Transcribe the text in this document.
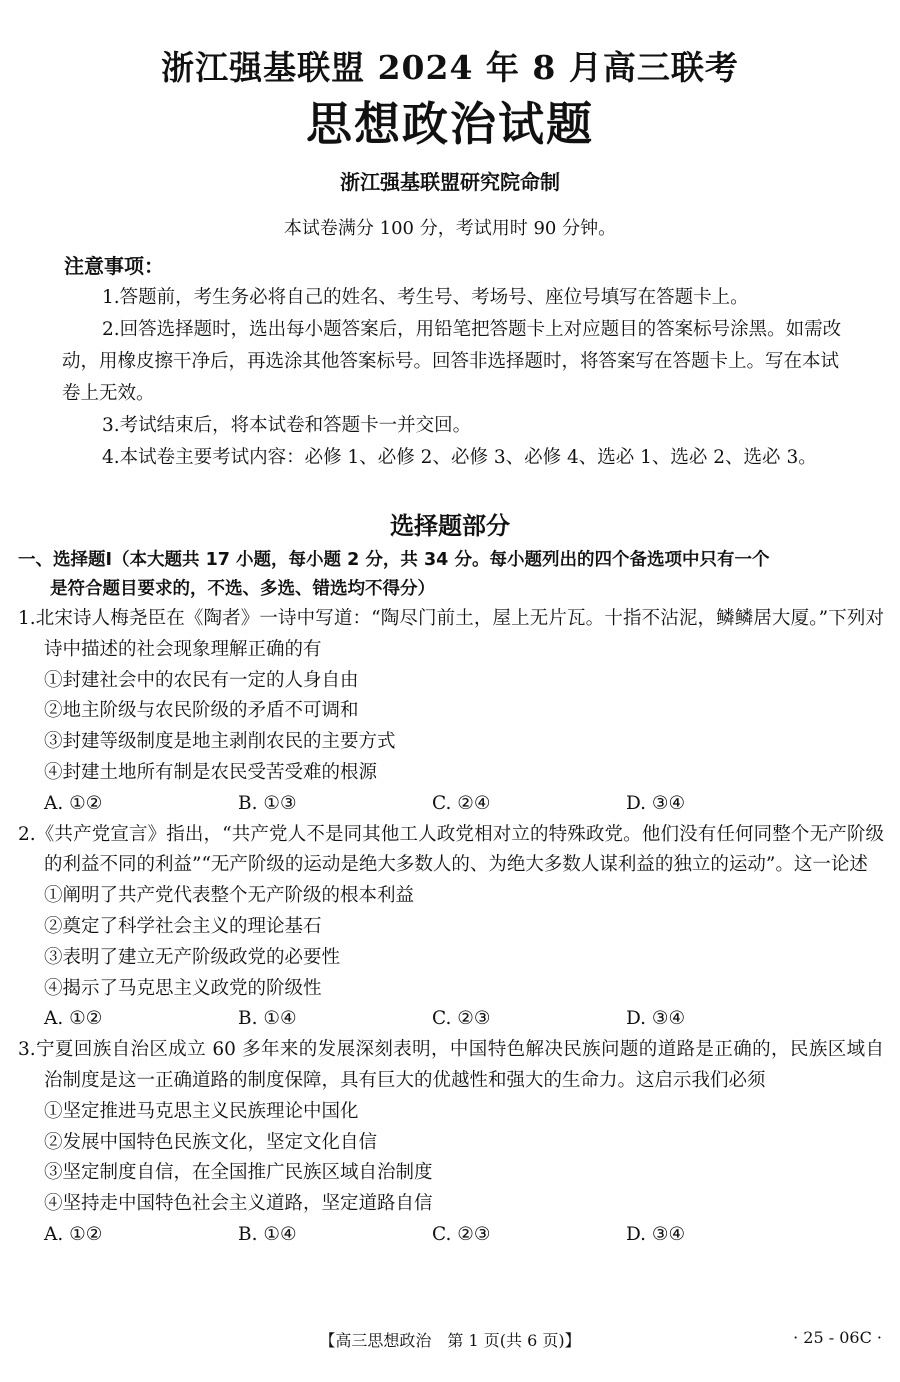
浙江强基联盟 2024 年 8 月高三联考
思想政治试题
浙江强基联盟研究院命制
本试卷满分 100 分，考试用时 90 分钟。
注意事项：

1.答题前，考生务必将自己的姓名、考生号、考场号、座位号填写在答题卡上。

2.回答选择题时，选出每小题答案后，用铅笔把答题卡上对应题目的答案标号涂黑。如需改动，用橡皮擦干净后，再选涂其他答案标号。回答非选择题时，将答案写在答题卡上。写在本试卷上无效。

3.考试结束后，将本试卷和答题卡一并交回。

4.本试卷主要考试内容：必修 1、必修 2、必修 3、必修 4、选必 1、选必 2、选必 3。

选择题部分
一、选择题Ⅰ（本大题共 17 小题，每小题 2 分，共 34 分。每小题列出的四个备选项中只有一个
是符合题目要求的，不选、多选、错选均不得分）

1.北宋诗人梅尧臣在《陶者》一诗中写道：“陶尽门前土，屋上无片瓦。十指不沾泥，鳞鳞居大厦。”下列对诗中描述的社会现象理解正确的有

①封建社会中的农民有一定的人身自由

②地主阶级与农民阶级的矛盾不可调和

③封建等级制度是地主剥削农民的主要方式

④封建土地所有制是农民受苦受难的根源

A. ①②	B. ①③	C. ②④	D. ③④

2.《共产党宣言》指出，“共产党人不是同其他工人政党相对立的特殊政党。他们没有任何同整个无产阶级的利益不同的利益”“无产阶级的运动是绝大多数人的、为绝大多数人谋利益的独立的运动”。这一论述

①阐明了共产党代表整个无产阶级的根本利益

②奠定了科学社会主义的理论基石

③表明了建立无产阶级政党的必要性

④揭示了马克思主义政党的阶级性

A. ①②	B. ①④	C. ②③	D. ③④

3.宁夏回族自治区成立 60 多年来的发展深刻表明，中国特色解决民族问题的道路是正确的，民族区域自治制度是这一正确道路的制度保障，具有巨大的优越性和强大的生命力。这启示我们必须

①坚定推进马克思主义民族理论中国化

②发展中国特色民族文化，坚定文化自信

③坚定制度自信，在全国推广民族区域自治制度

④坚持走中国特色社会主义道路，坚定道路自信

A. ①②	B. ①④	C. ②③	D. ③④
【高三思想政治　第 1 页(共 6 页)】	· 25 - 06C ·
